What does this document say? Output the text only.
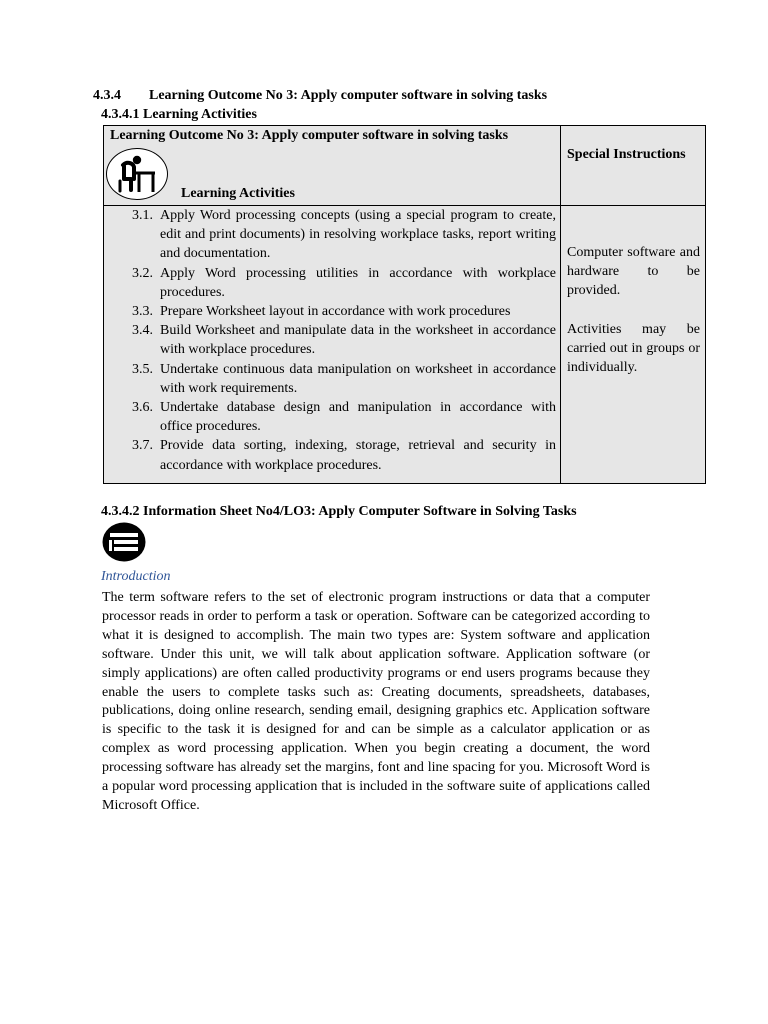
4.3.4 Learning Outcome No 3: Apply computer software in solving tasks
4.3.4.1 Learning Activities
Learning Outcome No 3: Apply computer software in solving tasks
Learning Activities
Special Instructions
3.1. Apply Word processing concepts (using a special program to create, edit and print documents) in resolving workplace tasks, report writing and documentation.
3.2. Apply Word processing utilities in accordance with workplace procedures.
3.3. Prepare Worksheet layout in accordance with work procedures
3.4. Build Worksheet and manipulate data in the worksheet in accordance with workplace procedures.
3.5. Undertake continuous data manipulation on worksheet in accordance with work requirements.
3.6. Undertake database design and manipulation in accordance with office procedures.
3.7. Provide data sorting, indexing, storage, retrieval and security in accordance with workplace procedures.

Computer software and hardware to be provided.

Activities may be carried out in groups or individually.

4.3.4.2 Information Sheet No4/LO3: Apply Computer Software in Solving Tasks
Introduction

The term software refers to the set of electronic program instructions or data that a computer processor reads in order to perform a task or operation. Software can be categorized according to what it is designed to accomplish. The main two types are: System software and application software. Under this unit, we will talk about application software. Application software (or simply applications) are often called productivity programs or end users programs because they enable the users to complete tasks such as: Creating documents, spreadsheets, databases, publications, doing online research, sending email, designing graphics etc. Application software is specific to the task it is designed for and can be simple as a calculator application or as complex as word processing application. When you begin creating a document, the word processing software has already set the margins, font and line spacing for you. Microsoft Word is a popular word processing application that is included in the software suite of applications called Microsoft Office.
